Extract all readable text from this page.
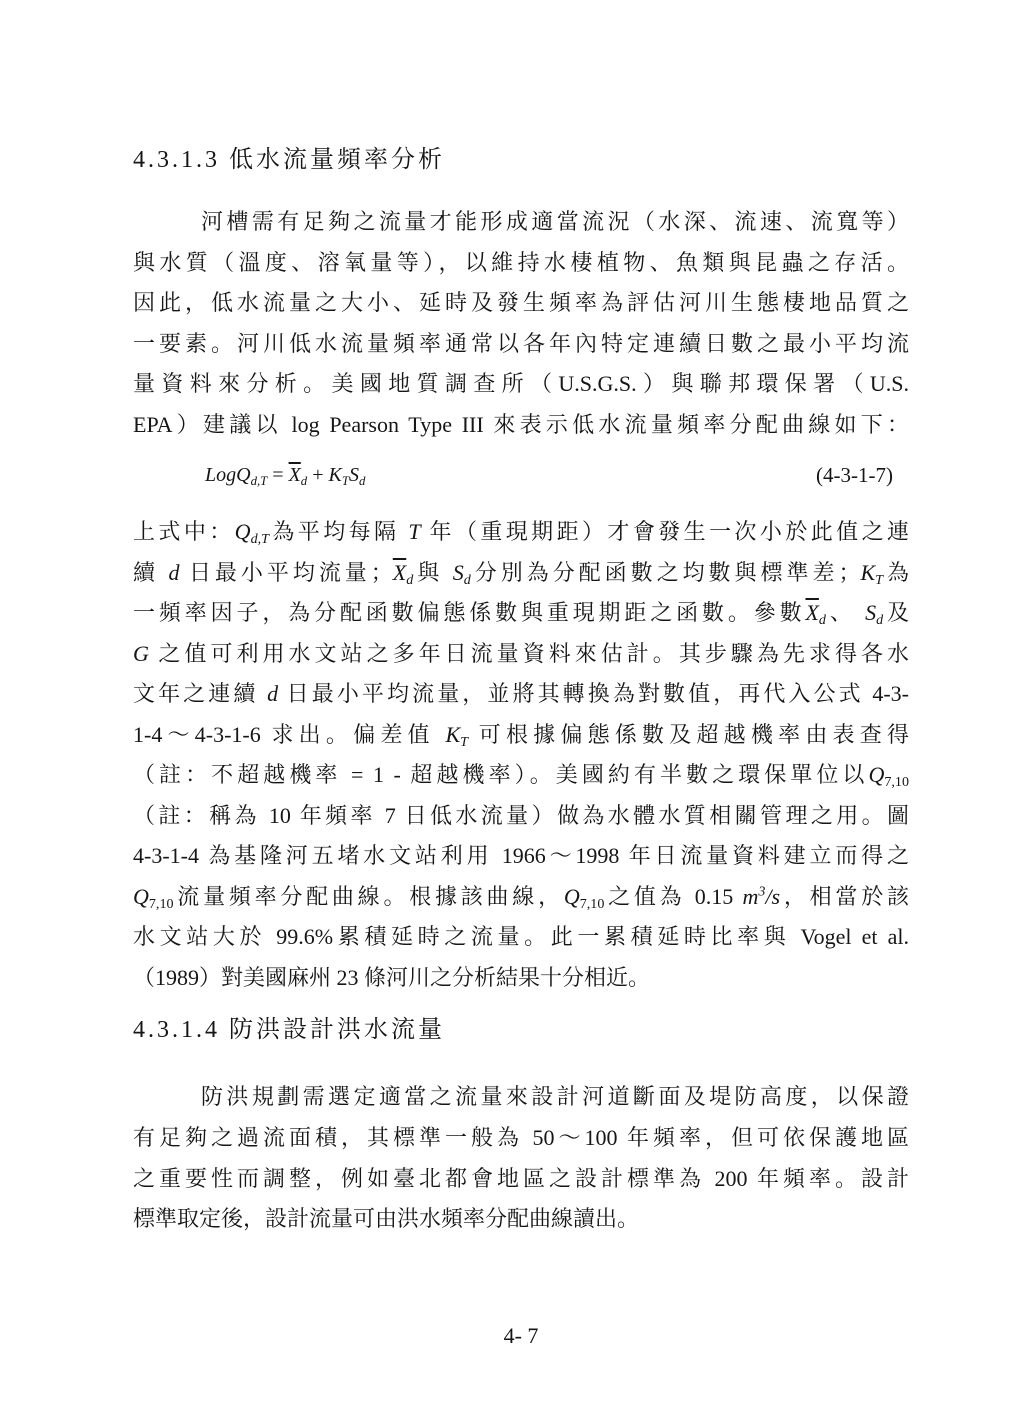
4.3.1.3 低水流量頻率分析
河槽需有足夠之流量才能形成適當流況（水深、流速、流寬等）
與水質（溫度、溶氧量等），以維持水棲植物、魚類與昆蟲之存活。
因此，低水流量之大小、延時及發生頻率為評估河川生態棲地品質之
一要素。河川低水流量頻率通常以各年內特定連續日數之最小平均流
量資料來分析。美國地質調查所（U.S.G.S.）與聯邦環保署（U.S.
EPA）建議以 log Pearson Type III 來表示低水流量頻率分配曲線如下：
LogQd,T = $\overline{X}d$ + KTSd	(4-3-1-7)
上式中：Qd,T為平均每隔 T 年（重現期距）才會發生一次小於此值之連
續 d 日最小平均流量；$\overline{X}d$與 Sd分別為分配函數之均數與標準差；KT為
一頻率因子，為分配函數偏態係數與重現期距之函數。參數$\overline{X}d$、 Sd及
G 之值可利用水文站之多年日流量資料來估計。其步驟為先求得各水
文年之連續 d 日最小平均流量，並將其轉換為對數值，再代入公式 4-3-
1-4～4-3-1-6 求出。偏差值 KT 可根據偏態係數及超越機率由表查得
（註：不超越機率 = 1 - 超越機率）。美國約有半數之環保單位以$Q_{7,10}$
（註：稱為 10 年頻率 7 日低水流量）做為水體水質相關管理之用。圖
4-3-1-4 為基隆河五堵水文站利用 1966～1998 年日流量資料建立而得之
$Q_{7,10}$流量頻率分配曲線。根據該曲線，$Q_{7,10}$之值為 0.15 $m^3/s$，相當於該
水文站大於 99.6%累積延時之流量。此一累積延時比率與 Vogel et al.
（1989）對美國麻州 23 條河川之分析結果十分相近。
4.3.1.4 防洪設計洪水流量
防洪規劃需選定適當之流量來設計河道斷面及堤防高度，以保證
有足夠之過流面積，其標準一般為 50～100 年頻率，但可依保護地區
之重要性而調整，例如臺北都會地區之設計標準為 200 年頻率。設計
標準取定後，設計流量可由洪水頻率分配曲線讀出。
4- 7
